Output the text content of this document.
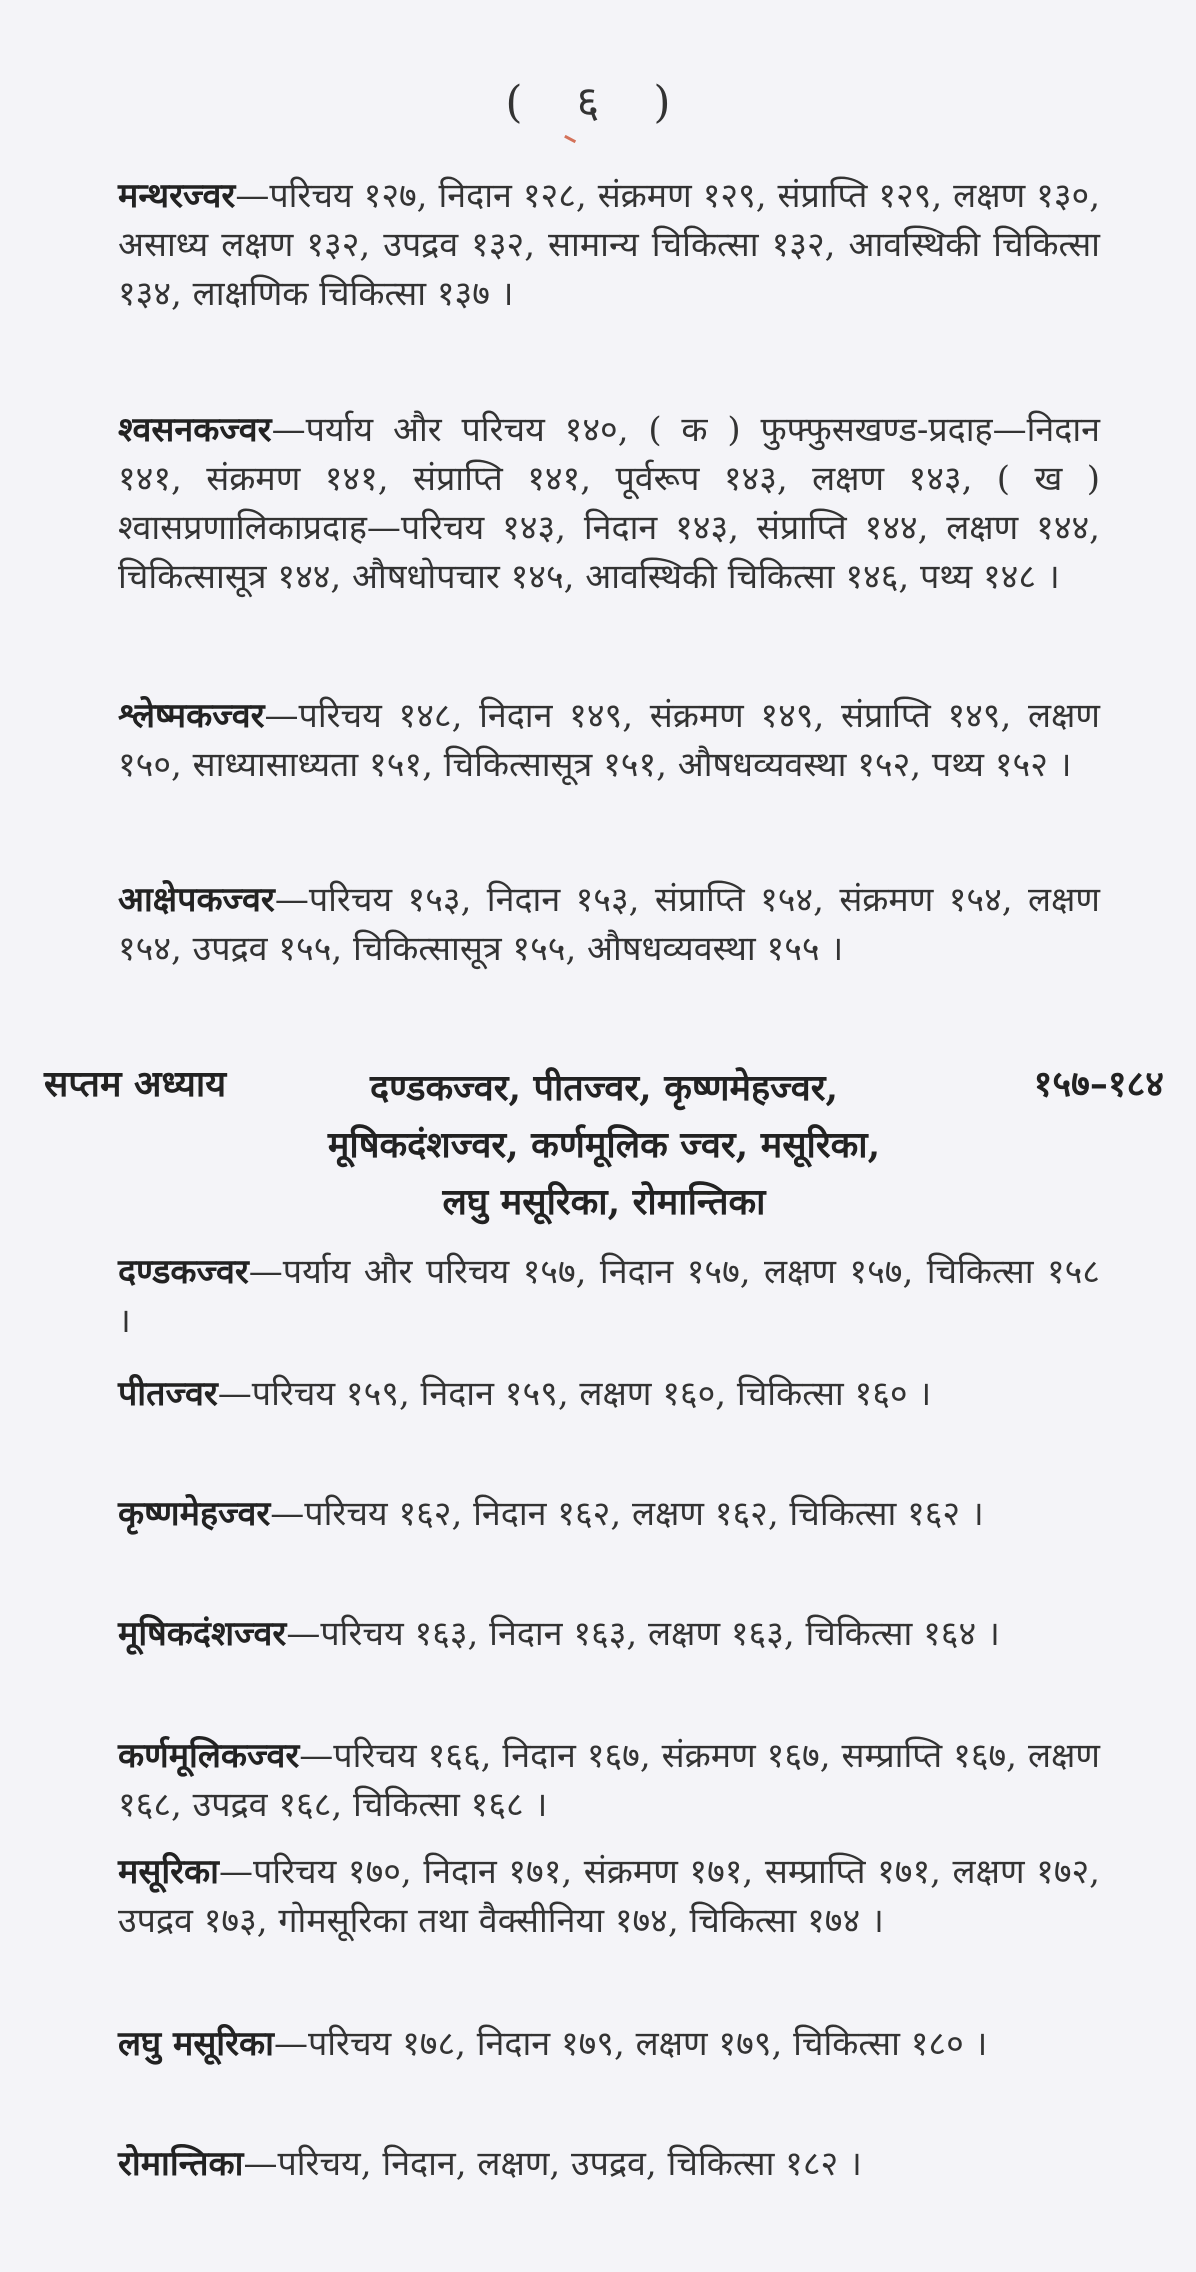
( ६ )
मन्थरज्वर—परिचय १२७, निदान १२८, संक्रमण १२९, संप्राप्ति १२९, लक्षण १३०, असाध्य लक्षण १३२, उपद्रव १३२, सामान्य चिकित्सा १३२, आवस्थिकी चिकित्सा १३४, लाक्षणिक चिकित्सा १३७ ।
श्वसनकज्वर—पर्याय और परिचय १४०, ( क ) फुफ्फुसखण्ड-प्रदाह—निदान १४१, संक्रमण १४१, संप्राप्ति १४१, पूर्वरूप १४३, लक्षण १४३, ( ख ) श्वासप्रणालिकाप्रदाह—परिचय १४३, निदान १४३, संप्राप्ति १४४, लक्षण १४४, चिकित्सासूत्र १४४, औषधोपचार १४५, आवस्थिकी चिकित्सा १४६, पथ्य १४८ ।
श्लेष्मकज्वर—परिचय १४८, निदान १४९, संक्रमण १४९, संप्राप्ति १४९, लक्षण १५०, साध्यासाध्यता १५१, चिकित्सासूत्र १५१, औषधव्यवस्था १५२, पथ्य १५२ ।
आक्षेपकज्वर—परिचय १५३, निदान १५३, संप्राप्ति १५४, संक्रमण १५४, लक्षण १५४, उपद्रव १५५, चिकित्सासूत्र १५५, औषधव्यवस्था १५५ ।
दण्डकज्वर, पीतज्वर, कृष्णमेहज्वर,
मूषिकदंशज्वर, कर्णमूलिक ज्वर, मसूरिका,
लघु मसूरिका, रोमान्तिका
सप्तम अध्याय	१५७–१८४
दण्डकज्वर—पर्याय और परिचय १५७, निदान १५७, लक्षण १५७, चिकित्सा १५८ ।
पीतज्वर—परिचय १५९, निदान १५९, लक्षण १६०, चिकित्सा १६० ।
कृष्णमेहज्वर—परिचय १६२, निदान १६२, लक्षण १६२, चिकित्सा १६२ ।
मूषिकदंशज्वर—परिचय १६३, निदान १६३, लक्षण १६३, चिकित्सा १६४ ।
कर्णमूलिकज्वर—परिचय १६६, निदान १६७, संक्रमण १६७, सम्प्राप्ति १६७, लक्षण १६८, उपद्रव १६८, चिकित्सा १६८ ।
मसूरिका—परिचय १७०, निदान १७१, संक्रमण १७१, सम्प्राप्ति १७१, लक्षण १७२, उपद्रव १७३, गोमसूरिका तथा वैक्सीनिया १७४, चिकित्सा १७४ ।
लघु मसूरिका—परिचय १७८, निदान १७९, लक्षण १७९, चिकित्सा १८० ।
रोमान्तिका—परिचय, निदान, लक्षण, उपद्रव, चिकित्सा १८२ ।
